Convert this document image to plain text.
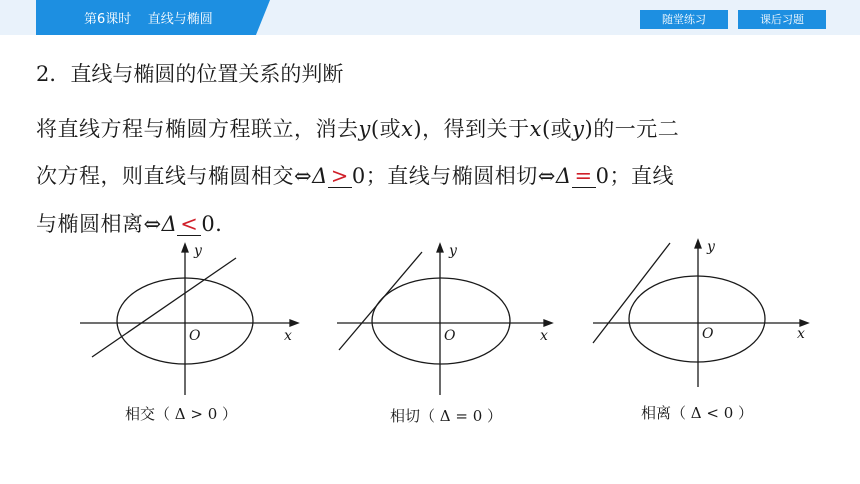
第6课时    直线与椭圆	随堂练习	课后习题
2．直线与椭圆的位置关系的判断
将直线方程与椭圆方程联立，消去y(或x)，得到关于x(或y)的一元二
次方程，则直线与椭圆相交⇔Δ > 0；直线与椭圆相切⇔Δ = 0；直线
与椭圆相离⇔Δ < 0．
y
x
O
y
x
O
y
x
O
相交（ Δ > 0 ）	相切（ Δ = 0 ）	相离（ Δ < 0 ）
